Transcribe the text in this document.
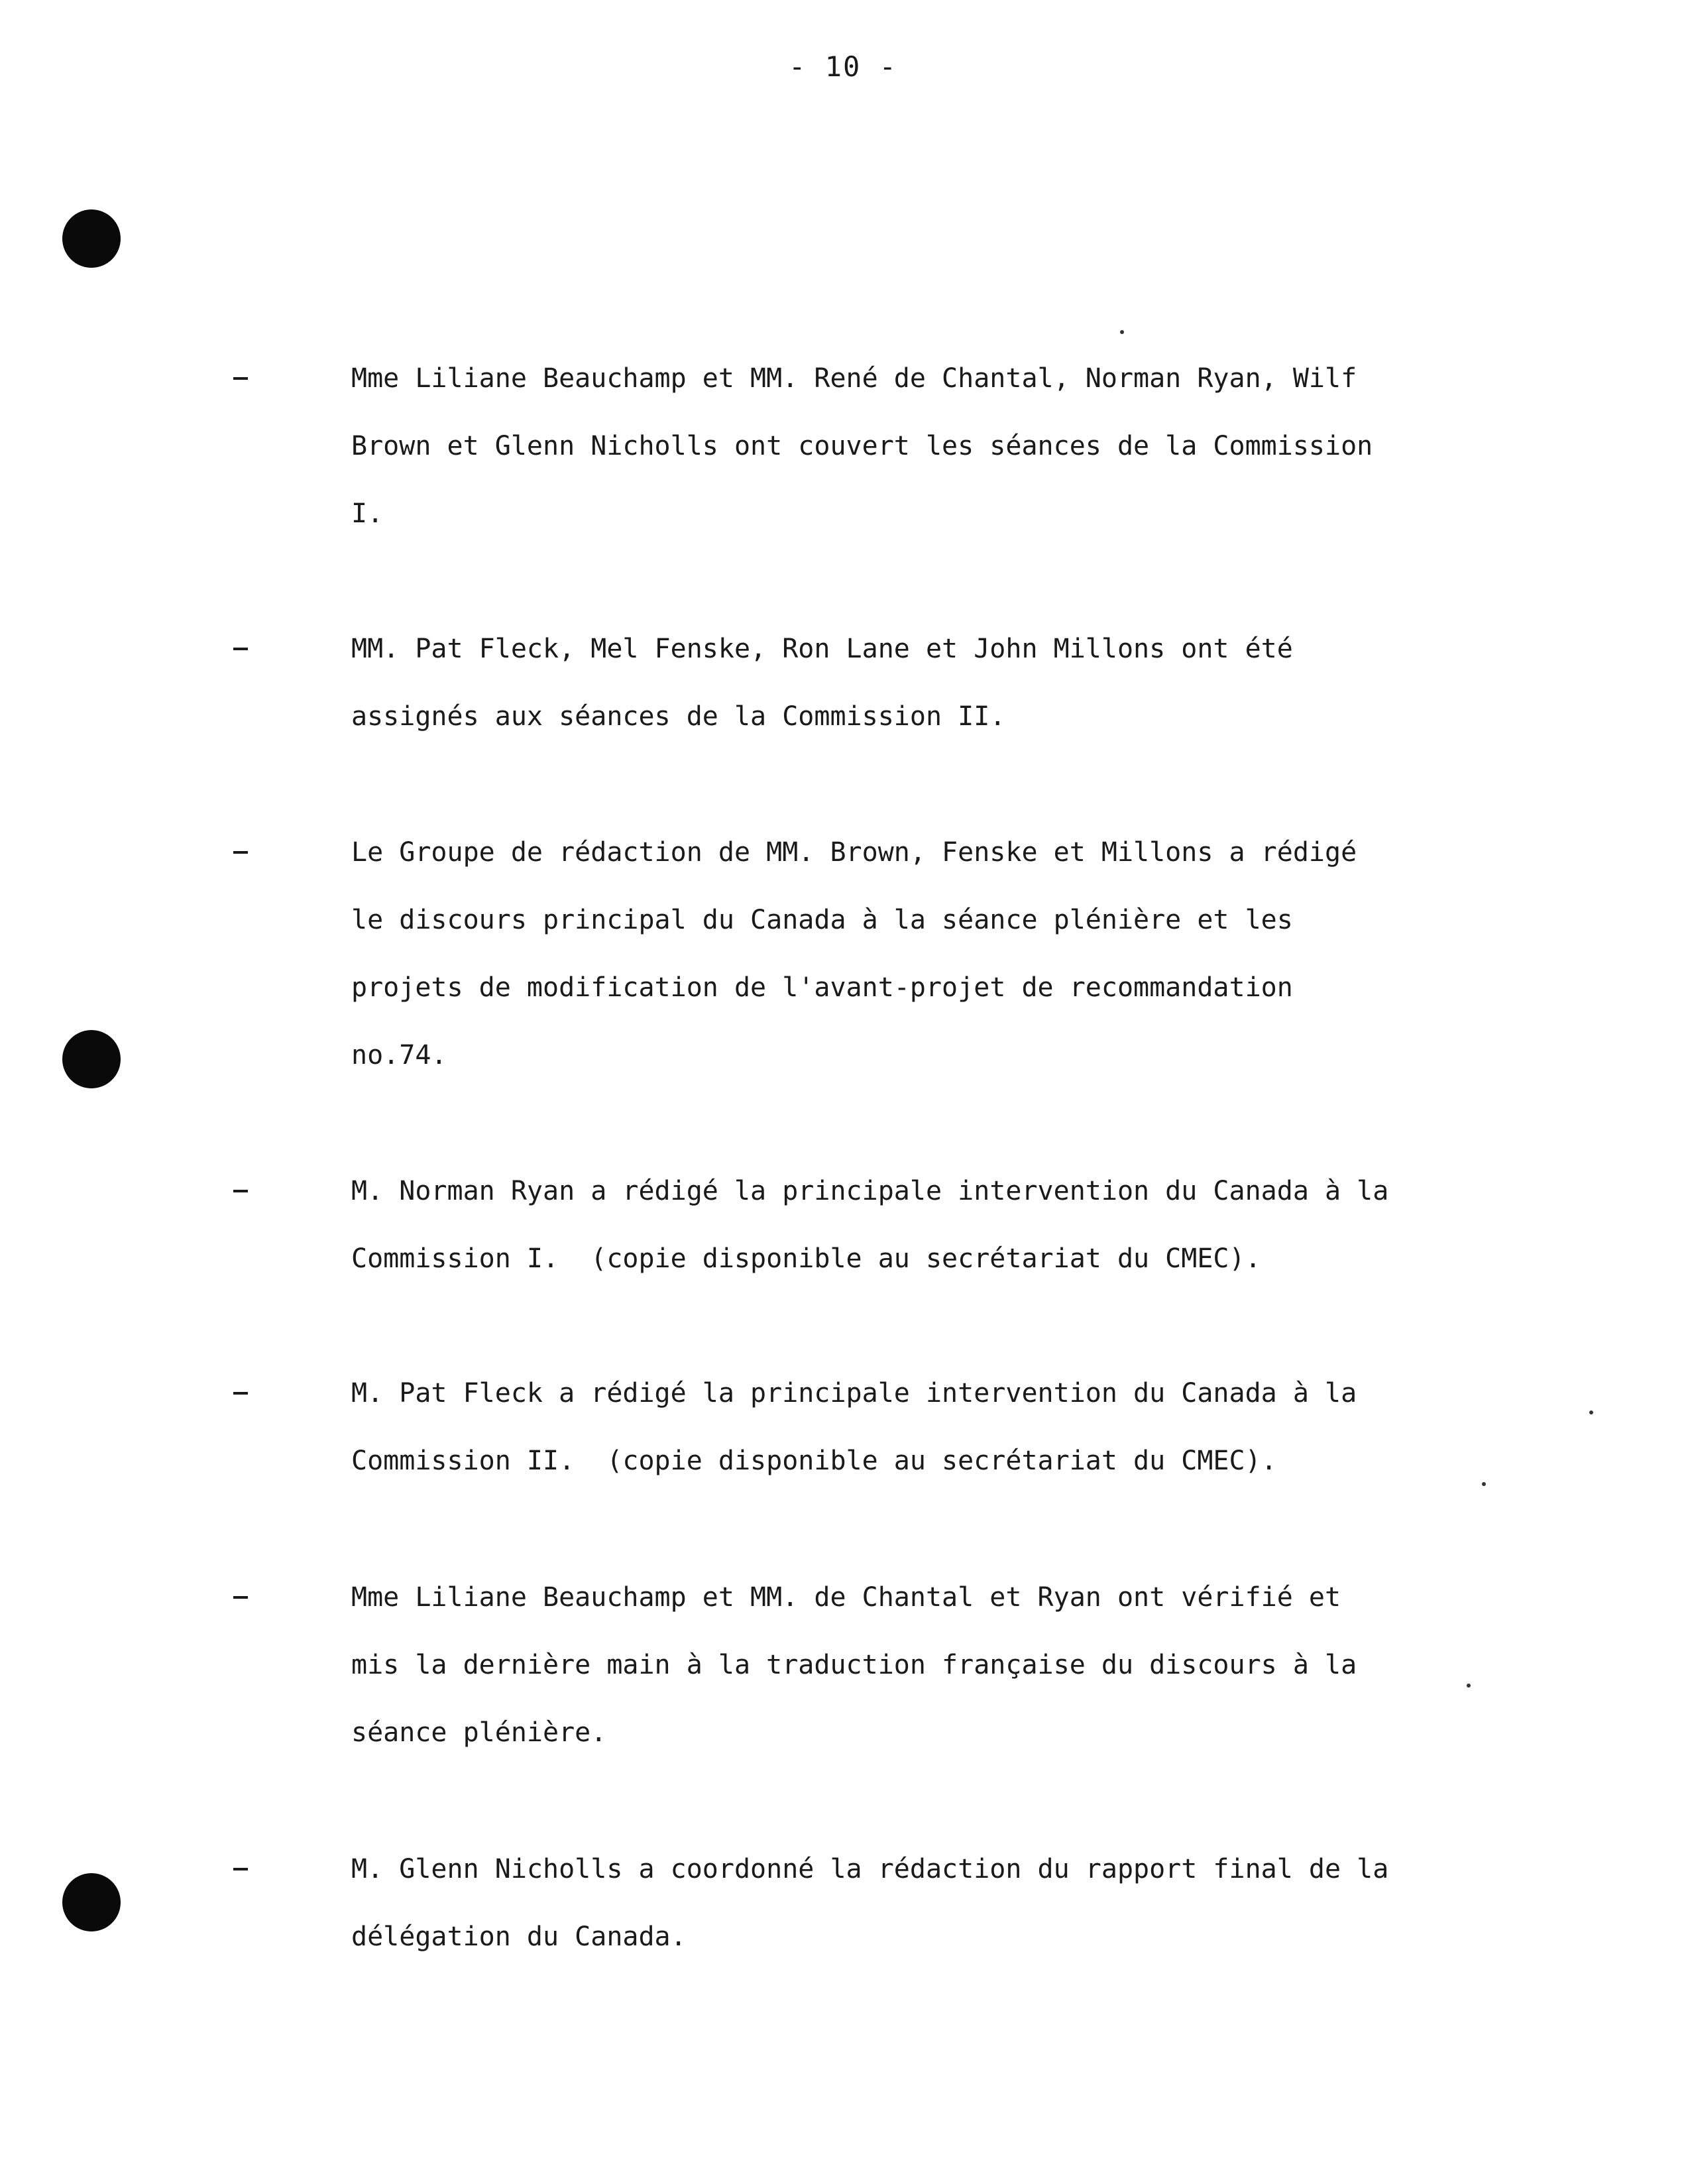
- 10 -
Mme Liliane Beauchamp et MM. René de Chantal, Norman Ryan, Wilf
Brown et Glenn Nicholls ont couvert les séances de la Commission
I.
MM. Pat Fleck, Mel Fenske, Ron Lane et John Millons ont été
assignés aux séances de la Commission II.
Le Groupe de rédaction de MM. Brown, Fenske et Millons a rédigé
le discours principal du Canada à la séance plénière et les
projets de modification de l'avant-projet de recommandation
no.74.
M. Norman Ryan a rédigé la principale intervention du Canada à la
Commission I.  (copie disponible au secrétariat du CMEC).
M. Pat Fleck a rédigé la principale intervention du Canada à la
Commission II.  (copie disponible au secrétariat du CMEC).
Mme Liliane Beauchamp et MM. de Chantal et Ryan ont vérifié et
mis la dernière main à la traduction française du discours à la
séance plénière.
M. Glenn Nicholls a coordonné la rédaction du rapport final de la
délégation du Canada.
